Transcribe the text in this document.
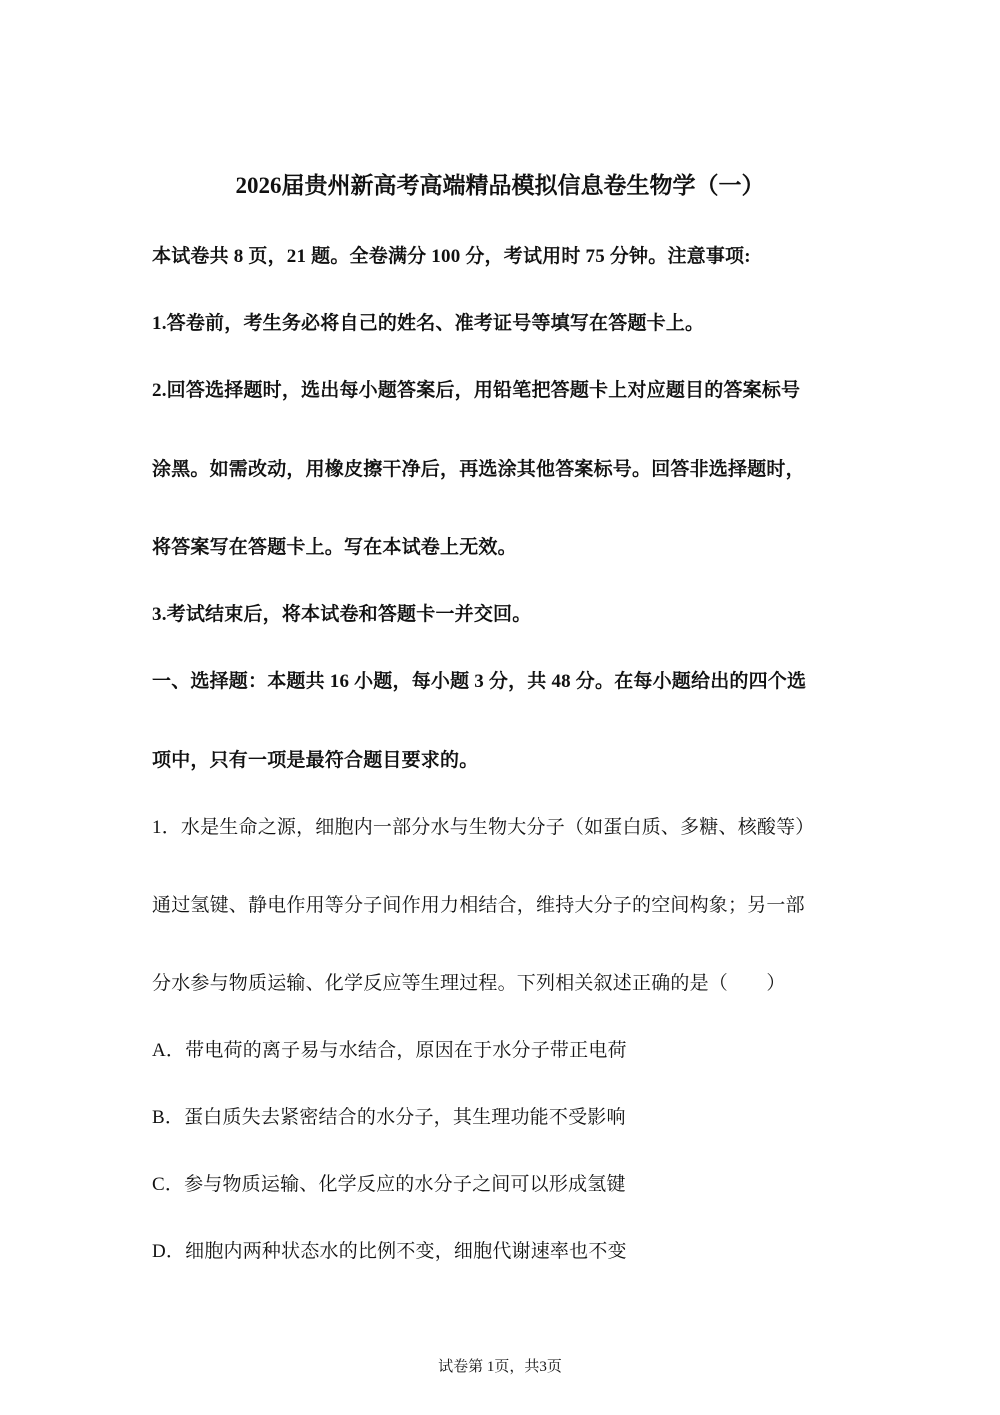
2026届贵州新高考高端精品模拟信息卷生物学（一）
本试卷共 8 页，21 题。全卷满分 100 分，考试用时 75 分钟。注意事项:
1.答卷前，考生务必将自己的姓名、准考证号等填写在答题卡上。
2.回答选择题时，选出每小题答案后，用铅笔把答题卡上对应题目的答案标号
涂黑。如需改动，用橡皮擦干净后，再选涂其他答案标号。回答非选择题时，
将答案写在答题卡上。写在本试卷上无效。
3.考试结束后，将本试卷和答题卡一并交回。
一、选择题：本题共 16 小题，每小题 3 分，共 48 分。在每小题给出的四个选
项中，只有一项是最符合题目要求的。
1．水是生命之源，细胞内一部分水与生物大分子（如蛋白质、多糖、核酸等）
通过氢键、静电作用等分子间作用力相结合，维持大分子的空间构象；另一部
分水参与物质运输、化学反应等生理过程。下列相关叙述正确的是（　　）
A．带电荷的离子易与水结合，原因在于水分子带正电荷
B．蛋白质失去紧密结合的水分子，其生理功能不受影响
C．参与物质运输、化学反应的水分子之间可以形成氢键
D．细胞内两种状态水的比例不变，细胞代谢速率也不变
试卷第 1页，共3页
